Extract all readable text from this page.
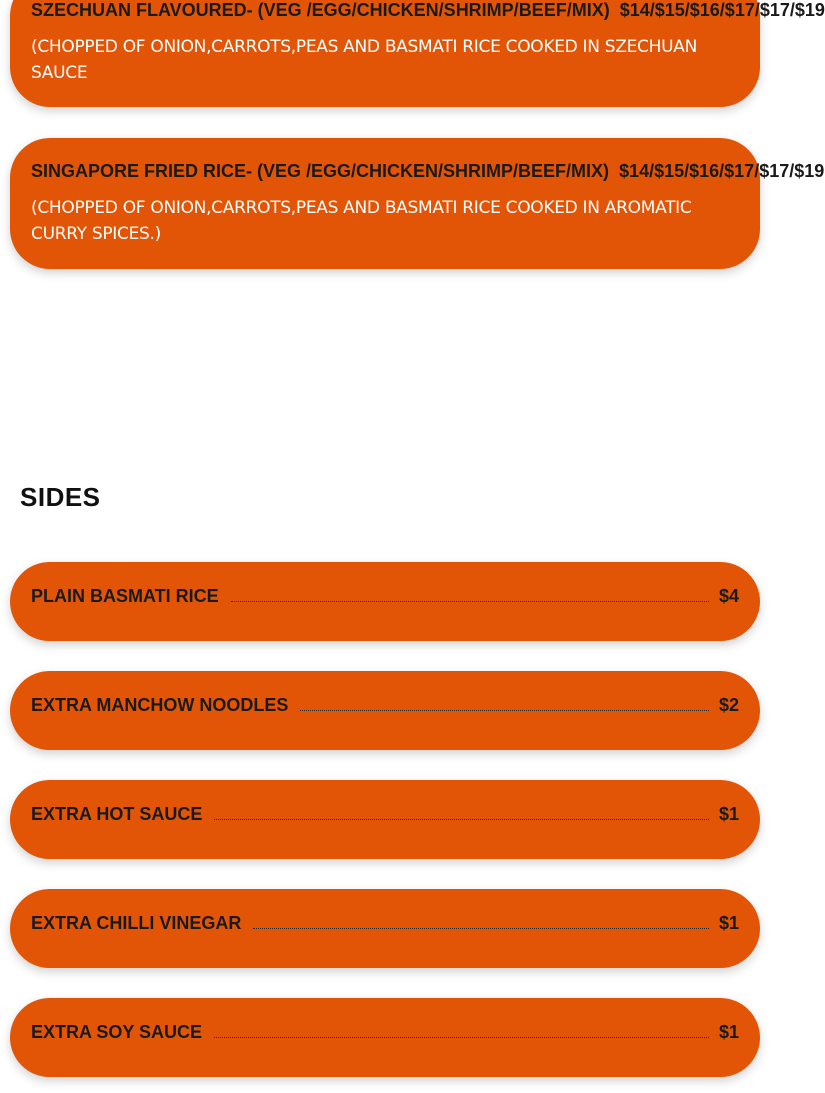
SZECHUAN FLAVOURED- (VEG /EGG/CHICKEN/SHRIMP/BEEF/MIX) $14/$15/$16/$17/$17/$19
(CHOPPED OF ONION,CARROTS,PEAS AND BASMATI RICE COOKED IN SZECHUAN SAUCE
SINGAPORE FRIED RICE- (VEG /EGG/CHICKEN/SHRIMP/BEEF/MIX) $14/$15/$16/$17/$17/$19
(CHOPPED OF ONION,CARROTS,PEAS AND BASMATI RICE COOKED IN AROMATIC CURRY SPICES.)
SIDES
PLAIN BASMATI RICE	$4
EXTRA MANCHOW NOODLES	$2
EXTRA HOT SAUCE	$1
EXTRA CHILLI VINEGAR	$1
EXTRA SOY SAUCE	$1
